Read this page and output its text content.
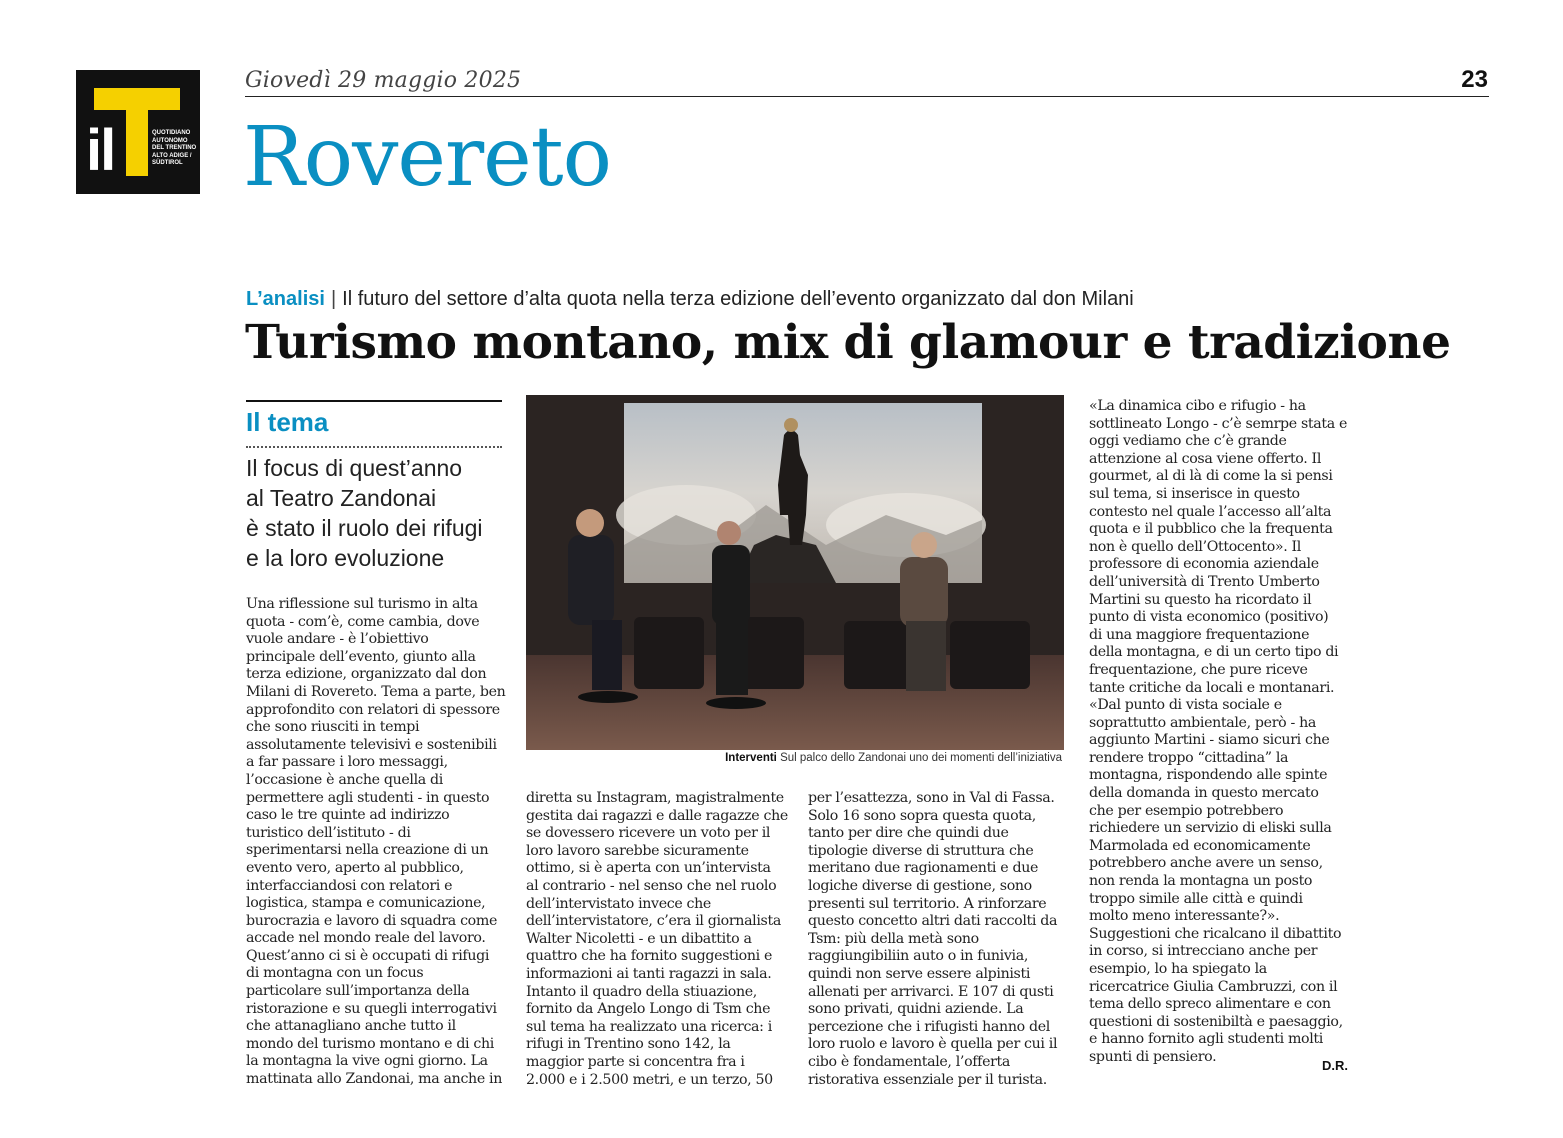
il	QUOTIDIANO
AUTONOMO
DEL TRENTINO
ALTO ADIGE /
SÜDTIROL
Giovedì 29 maggio 2025	23
Rovereto
L’analisi | Il futuro del settore d’alta quota nella terza edizione dell’evento organizzato dal don Milani
Turismo montano, mix di glamour e tradizione
Il tema
Il focus di quest’anno
al Teatro Zandonai
è stato il ruolo dei rifugi
e la loro evoluzione

Una riflessione sul turismo in alta

quota - com’è, come cambia, dove

vuole andare - è l’obiettivo

principale dell’evento, giunto alla

terza edizione, organizzato dal don

Milani di Rovereto. Tema a parte, ben

approfondito con relatori di spessore

che sono riusciti in tempi

assolutamente televisivi e sostenibili

a far passare i loro messaggi,

l’occasione è anche quella di

permettere agli studenti - in questo

caso le tre quinte ad indirizzo

turistico dell’istituto - di

sperimentarsi nella creazione di un

evento vero, aperto al pubblico,

interfacciandosi con relatori e

logistica, stampa e comunicazione,

burocrazia e lavoro di squadra come

accade nel mondo reale del lavoro.

Quest’anno ci si è occupati di rifugi

di montagna con un focus

particolare sull’importanza della

ristorazione e su quegli interrogativi

che attanagliano anche tutto il

mondo del turismo montano e di chi

la montagna la vive ogni giorno. La

mattinata allo Zandonai, ma anche in

diretta su Instagram, magistralmente

gestita dai ragazzi e dalle ragazze che

se dovessero ricevere un voto per il

loro lavoro sarebbe sicuramente

ottimo, si è aperta con un’intervista

al contrario - nel senso che nel ruolo

dell’intervistato invece che

dell’intervistatore, c’era il giornalista

Walter Nicoletti - e un dibattito a

quattro che ha fornito suggestioni e

informazioni ai tanti ragazzi in sala.

Intanto il quadro della stiuazione,

fornito da Angelo Longo di Tsm che

sul tema ha realizzato una ricerca: i

rifugi in Trentino sono 142, la

maggior parte si concentra fra i

2.000 e i 2.500 metri, e un terzo, 50

per l’esattezza, sono in Val di Fassa.

Solo 16 sono sopra questa quota,

tanto per dire che quindi due

tipologie diverse di struttura che

meritano due ragionamenti e due

logiche diverse di gestione, sono

presenti sul territorio. A rinforzare

questo concetto altri dati raccolti da

Tsm: più della metà sono

raggiungibiliin auto o in funivia,

quindi non serve essere alpinisti

allenati per arrivarci. E 107 di qusti

sono privati, quidni aziende. La

percezione che i rifugisti hanno del

loro ruolo e lavoro è quella per cui il

cibo è fondamentale, l’offerta

ristorativa essenziale per il turista.

«La dinamica cibo e rifugio - ha

sottlineato Longo - c’è semrpe stata e

oggi vediamo che c’è grande

attenzione al cosa viene offerto. Il

gourmet, al di là di come la si pensi

sul tema, si inserisce in questo

contesto nel quale l’accesso all’alta

quota e il pubblico che la frequenta

non è quello dell’Ottocento». Il

professore di economia aziendale

dell’università di Trento Umberto

Martini su questo ha ricordato il

punto di vista economico (positivo)

di una maggiore frequentazione

della montagna, e di un certo tipo di

frequentazione, che pure riceve

tante critiche da locali e montanari.

«Dal punto di vista sociale e

soprattutto ambientale, però - ha

aggiunto Martini - siamo sicuri che

rendere troppo “cittadina” la

montagna, rispondendo alle spinte

della domanda in questo mercato

che per esempio potrebbero

richiedere un servizio di eliski sulla

Marmolada ed economicamente

potrebbero anche avere un senso,

non renda la montagna un posto

troppo simile alle città e quindi

molto meno interessante?».

Suggestioni che ricalcano il dibattito

in corso, si intrecciano anche per

esempio, lo ha spiegato la

ricercatrice Giulia Cambruzzi, con il

tema dello spreco alimentare e con

questioni di sostenibiltà e paesaggio,

e hanno fornito agli studenti molti

spunti di pensiero.

Interventi Sul palco dello Zandonai uno dei momenti dell’iniziativa
D.R.
